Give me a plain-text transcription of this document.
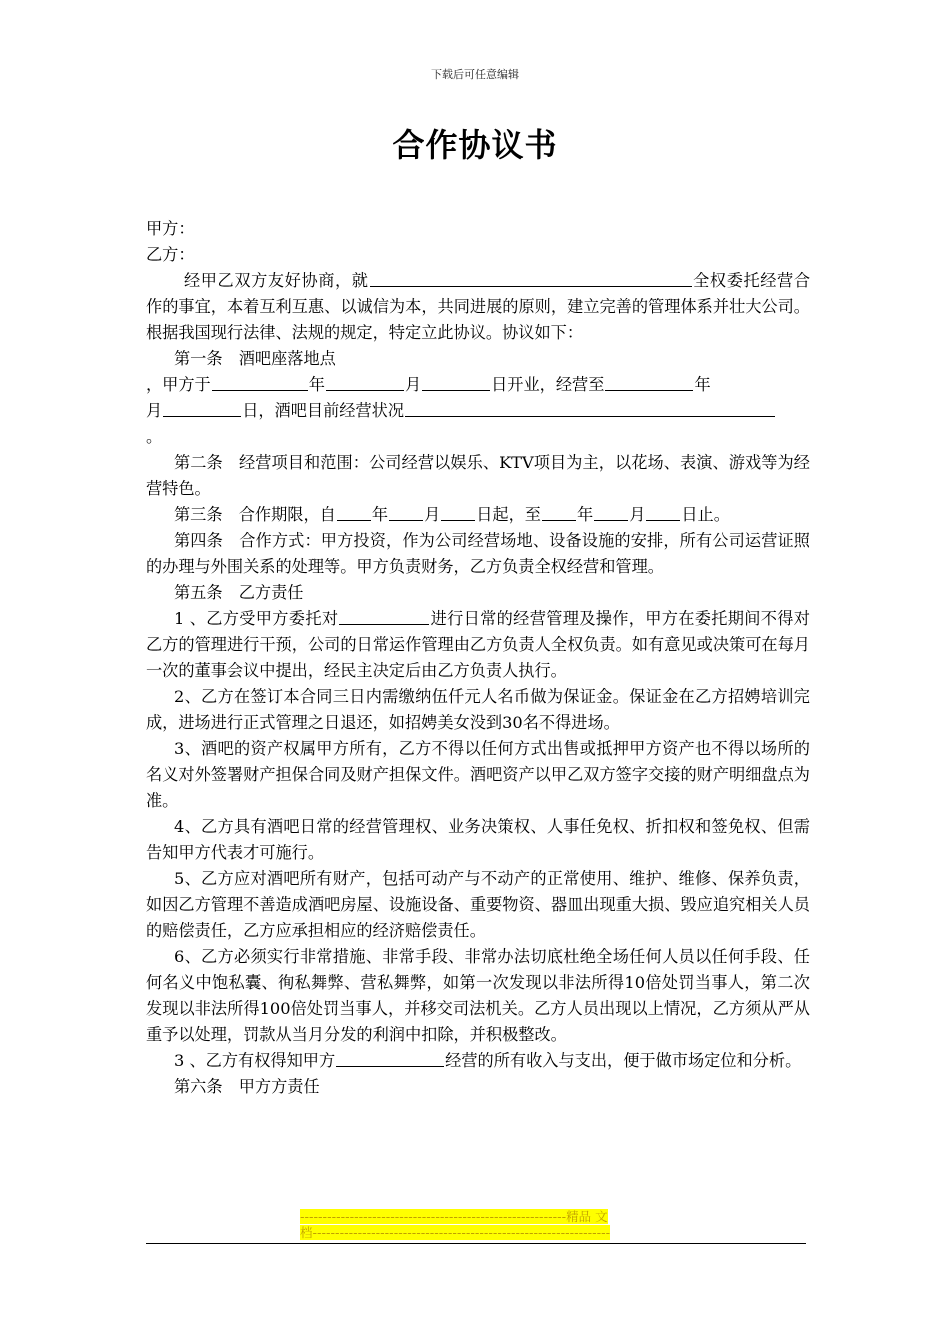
下载后可任意编辑
合作协议书

甲方：

乙方：

经甲乙双方友好协商，就	全权委托经营合作的事宜，本着互利互惠、以诚信为本，共同进展的原则，建立完善的管理体系并壮大公司。根据我国现行法律、法规的规定，特定立此协议。协议如下：

第一条　酒吧座落地点

，甲方于	年	月	日开业，经营至	年

月	日，酒吧目前经营状况

。

第二条　经营项目和范围：公司经营以娱乐、KTV项目为主，以花场、表演、游戏等为经营特色。

第三条　合作期限，自 年 月 日起，至 年 月 日止。

第四条　合作方式：甲方投资，作为公司经营场地、设备设施的安排，所有公司运营证照的办理与外围关系的处理等。甲方负责财务，乙方负责全权经营和管理。

第五条　乙方责任

1 、乙方受甲方委托对	进行日常的经营管理及操作，甲方在委托期间不得对乙方的管理进行干预，公司的日常运作管理由乙方负责人全权负责。如有意见或决策可在每月一次的董事会议中提出，经民主决定后由乙方负责人执行。

2、乙方在签订本合同三日内需缴纳伍仟元人名币做为保证金。保证金在乙方招娉培训完成，进场进行正式管理之日退还，如招娉美女没到30名不得进场。

3、酒吧的资产权属甲方所有，乙方不得以任何方式出售或抵押甲方资产也不得以场所的名义对外签署财产担保合同及财产担保文件。酒吧资产以甲乙双方签字交接的财产明细盘点为准。

4、乙方具有酒吧日常的经营管理权、业务决策权、人事任免权、折扣权和签免权、但需告知甲方代表才可施行。

5、乙方应对酒吧所有财产，包括可动产与不动产的正常使用、维护、维修、保养负责，如因乙方管理不善造成酒吧房屋、设施设备、重要物资、器皿出现重大损、毁应追究相关人员的赔偿责任，乙方应承担相应的经济赔偿责任。

6、乙方必须实行非常措施、非常手段、非常办法切底杜绝全场任何人员以任何手段、任何名义中饱私囊、徇私舞弊、营私舞弊，如第一次发现以非法所得10倍处罚当事人，第二次发现以非法所得100倍处罚当事人，并移交司法机关。乙方人员出现以上情况，乙方须从严从重予以处理，罚款从当月分发的利润中扣除，并积极整改。

3 、乙方有权得知甲方	经营的所有收入与支出，便于做市场定位和分析。

第六条　甲方方责任

-----------------------------------------------------------精品 文
档------------------------------------------------------------------
